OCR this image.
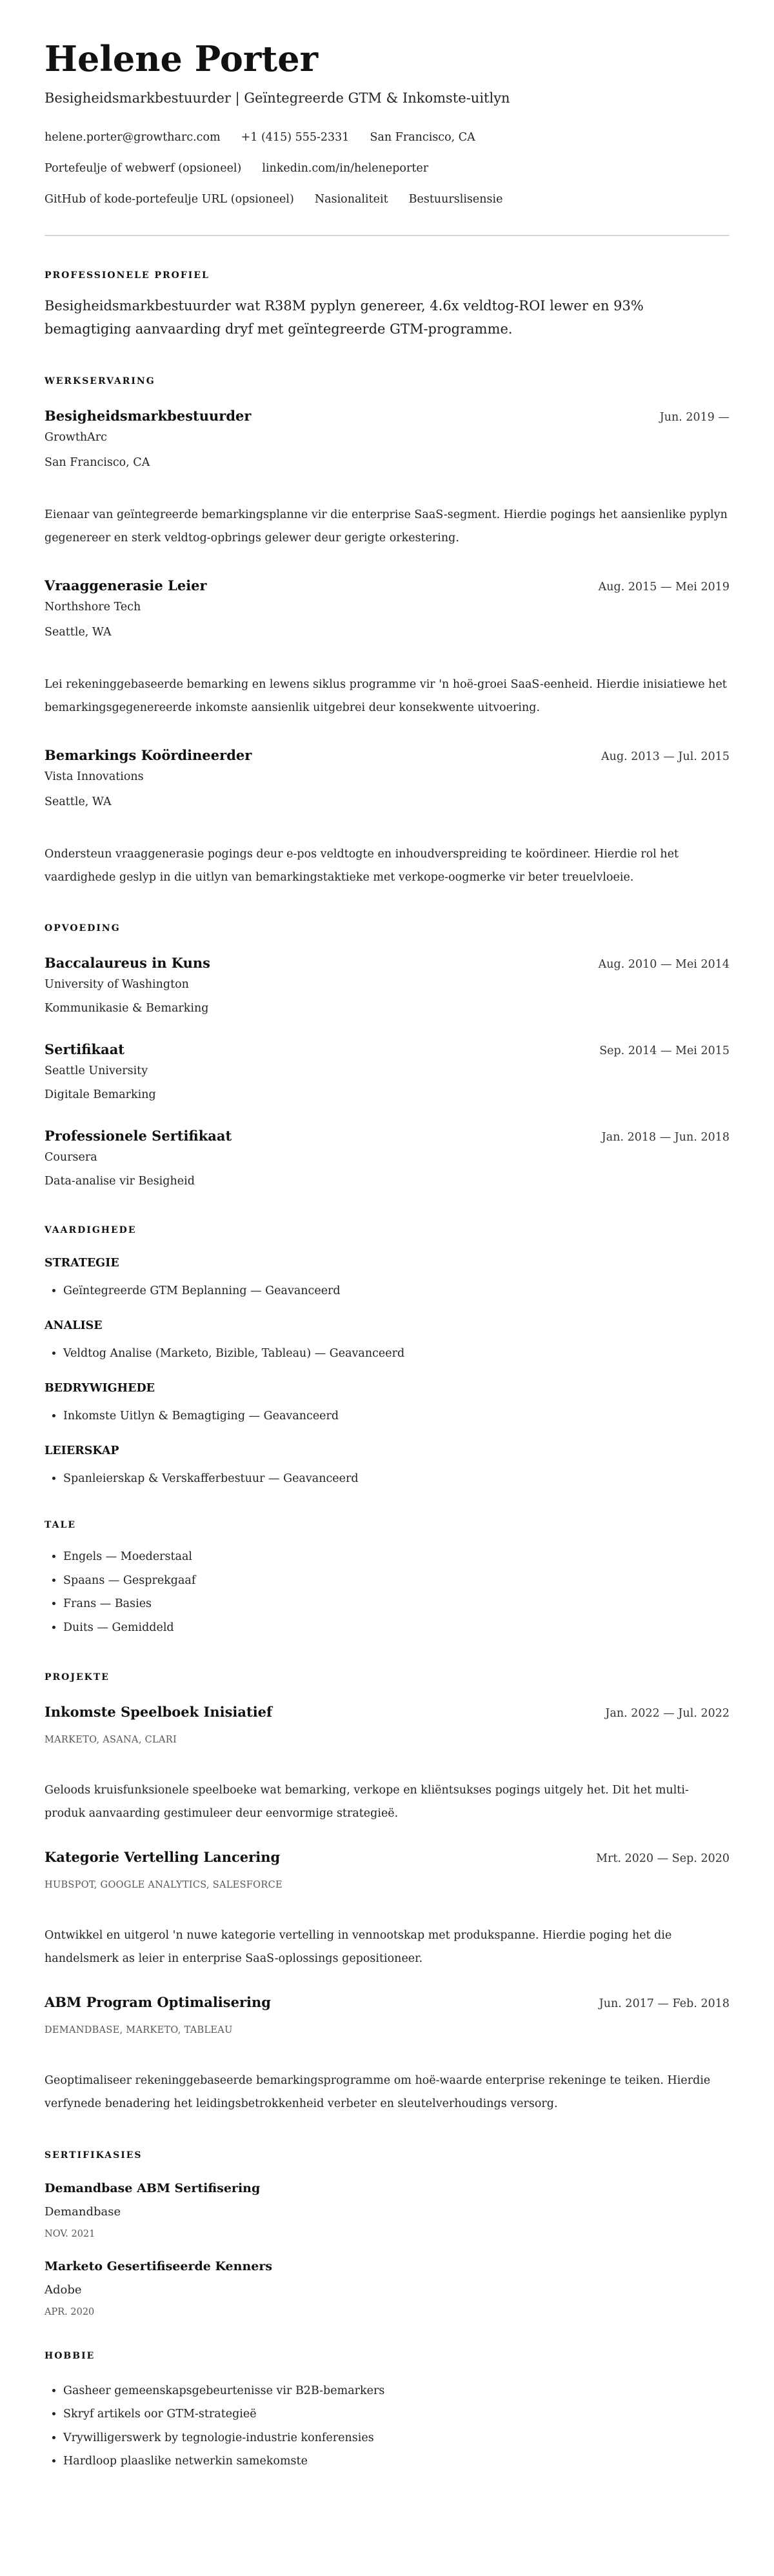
Helene Porter
Besigheidsmarkbestuurder | Geïntegreerde GTM & Inkomste-uitlyn
helene.porter@growtharc.com +1 (415) 555-2331 San Francisco, CA
Portefeulje of webwerf (opsioneel) linkedin.com/in/heleneporter
GitHub of kode-portefeulje URL (opsioneel) Nasionaliteit Bestuurslisensie
PROFESSIONELE PROFIEL
Besigheidsmarkbestuurder wat R38M pyplyn genereer, 4.6x veldtog-ROI lewer en 93% bemagtiging aanvaarding dryf met geïntegreerde GTM-programme.
WERKSERVARING
Besigheidsmarkbestuurder	Jun. 2019 —
GrowthArc
San Francisco, CA
Eienaar van geïntegreerde bemarkingsplanne vir die enterprise SaaS-segment. Hierdie pogings het aansienlike pyplyn gegenereer en sterk veldtog-opbrings gelewer deur gerigte orkestering.
Vraaggenerasie Leier	Aug. 2015 — Mei 2019
Northshore Tech
Seattle, WA
Lei rekeninggebaseerde bemarking en lewens siklus programme vir 'n hoë-groei SaaS-eenheid. Hierdie inisiatiewe het bemarkingsgegenereerde inkomste aansienlik uitgebrei deur konsekwente uitvoering.
Bemarkings Koördineerder	Aug. 2013 — Jul. 2015
Vista Innovations
Seattle, WA
Ondersteun vraaggenerasie pogings deur e-pos veldtogte en inhoudverspreiding te koördineer. Hierdie rol het vaardighede geslyp in die uitlyn van bemarkingstaktieke met verkope-oogmerke vir beter treuelvloeie.
OPVOEDING
Baccalaureus in Kuns	Aug. 2010 — Mei 2014
University of Washington
Kommunikasie & Bemarking
Sertifikaat	Sep. 2014 — Mei 2015
Seattle University
Digitale Bemarking
Professionele Sertifikaat	Jan. 2018 — Jun. 2018
Coursera
Data-analise vir Besigheid
VAARDIGHEDE
STRATEGIE
• Geïntegreerde GTM Beplanning — Geavanceerd
ANALISE
• Veldtog Analise (Marketo, Bizible, Tableau) — Geavanceerd
BEDRYWIGHEDE
• Inkomste Uitlyn & Bemagtiging — Geavanceerd
LEIERSKAP
• Spanleierskap & Verskafferbestuur — Geavanceerd
TALE
• Engels — Moederstaal
• Spaans — Gesprekgaaf
• Frans — Basies
• Duits — Gemiddeld
PROJEKTE
Inkomste Speelboek Inisiatief	Jan. 2022 — Jul. 2022
MARKETO, ASANA, CLARI
Geloods kruisfunksionele speelboeke wat bemarking, verkope en kliëntsukses pogings uitgely het. Dit het multi-produk aanvaarding gestimuleer deur eenvormige strategieë.
Kategorie Vertelling Lancering	Mrt. 2020 — Sep. 2020
HUBSPOT, GOOGLE ANALYTICS, SALESFORCE
Ontwikkel en uitgerol 'n nuwe kategorie vertelling in vennootskap met produkspanne. Hierdie poging het die handelsmerk as leier in enterprise SaaS-oplossings gepositioneer.
ABM Program Optimalisering	Jun. 2017 — Feb. 2018
DEMANDBASE, MARKETO, TABLEAU
Geoptimaliseer rekeninggebaseerde bemarkingsprogramme om hoë-waarde enterprise rekeninge te teiken. Hierdie verfynede benadering het leidingsbetrokkenheid verbeter en sleutelverhoudings versorg.
SERTIFIKASIES
Demandbase ABM Sertifisering
Demandbase
NOV. 2021
Marketo Gesertifiseerde Kenners
Adobe
APR. 2020
HOBBIE
• Gasheer gemeenskapsgebeurtenisse vir B2B-bemarkers
• Skryf artikels oor GTM-strategieë
• Vrywilligerswerk by tegnologie-industrie konferensies
• Hardloop plaaslike netwerkin samekomste
